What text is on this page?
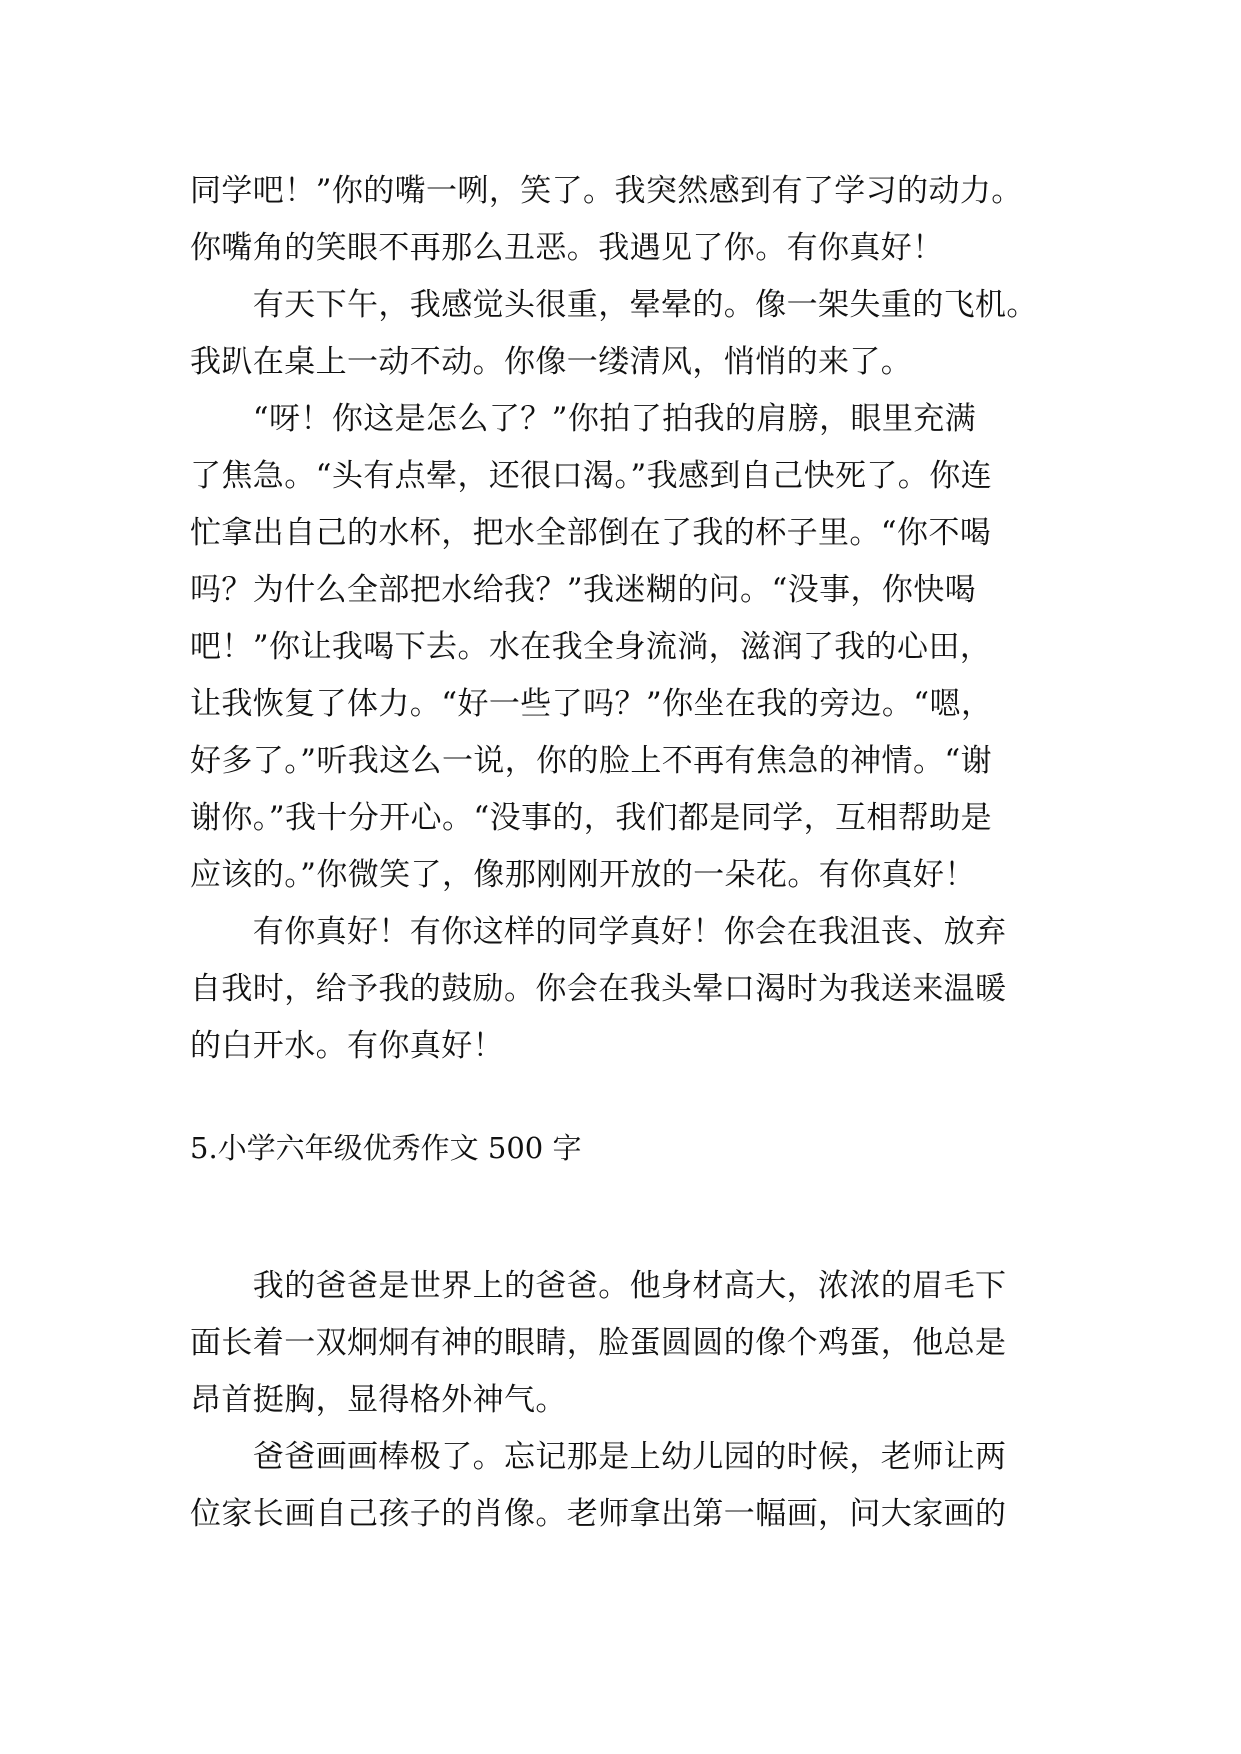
同学吧！”你的嘴一咧，笑了。我突然感到有了学习的动力。

你嘴角的笑眼不再那么丑恶。我遇见了你。有你真好！

　　有天下午，我感觉头很重，晕晕的。像一架失重的飞机。

我趴在桌上一动不动。你像一缕清风，悄悄的来了。

　　“呀！你这是怎么了？”你拍了拍我的肩膀，眼里充满

了焦急。“头有点晕，还很口渴。”我感到自己快死了。你连

忙拿出自己的水杯，把水全部倒在了我的杯子里。“你不喝

吗？为什么全部把水给我？”我迷糊的问。“没事，你快喝

吧！”你让我喝下去。水在我全身流淌，滋润了我的心田，

让我恢复了体力。“好一些了吗？”你坐在我的旁边。“嗯，

好多了。”听我这么一说，你的脸上不再有焦急的神情。“谢

谢你。”我十分开心。“没事的，我们都是同学，互相帮助是

应该的。”你微笑了，像那刚刚开放的一朵花。有你真好！

　　有你真好！有你这样的同学真好！你会在我沮丧、放弃

自我时，给予我的鼓励。你会在我头晕口渴时为我送来温暖

的白开水。有你真好！

5.小学六年级优秀作文 500 字

　　我的爸爸是世界上的爸爸。他身材高大，浓浓的眉毛下

面长着一双炯炯有神的眼睛，脸蛋圆圆的像个鸡蛋，他总是

昂首挺胸，显得格外神气。

　　爸爸画画棒极了。忘记那是上幼儿园的时候，老师让两

位家长画自己孩子的肖像。老师拿出第一幅画，问大家画的
